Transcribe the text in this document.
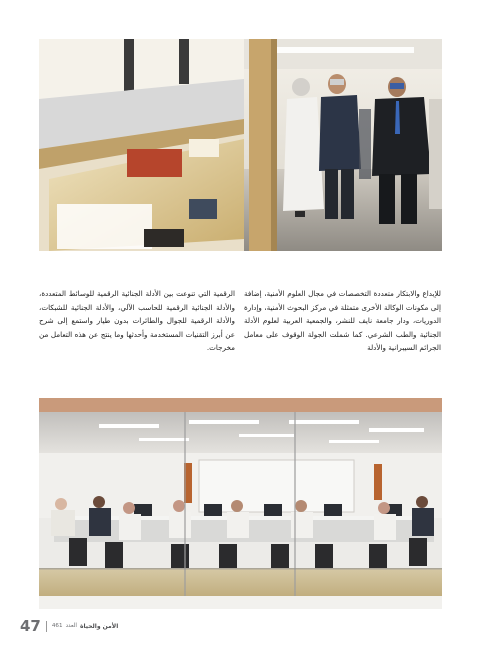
للإبداع والابتكار متعددة التخصصات في مجال العلوم الأمنية، إضافة إلى مكونات الوكالة الأخرى متمثلة في مركز البحوث الأمنية، وإدارة الدوريات، ودار جامعة نايف للنشر، والجمعية العربية لعلوم الأدلة الجنائية والطب الشرعي. كما شملت الجولة الوقوف على معامل الجرائم السيبرانية والأدلة

الرقمية التي تنوعت بين الأدلة الجنائية الرقمية للوسائط المتعددة، والأدلة الجنائية الرقمية للحاسب الآلي، والأدلة الجنائية للشبكات، والأدلة الرقمية للجوال والطائرات بدون طيار واستمع إلى شرح عن أبرز التقنيات المستخدمة وأحدثها وما ينتج عن هذه التعامل من مخرجات.

47 461 العدد الأمن والحياة
